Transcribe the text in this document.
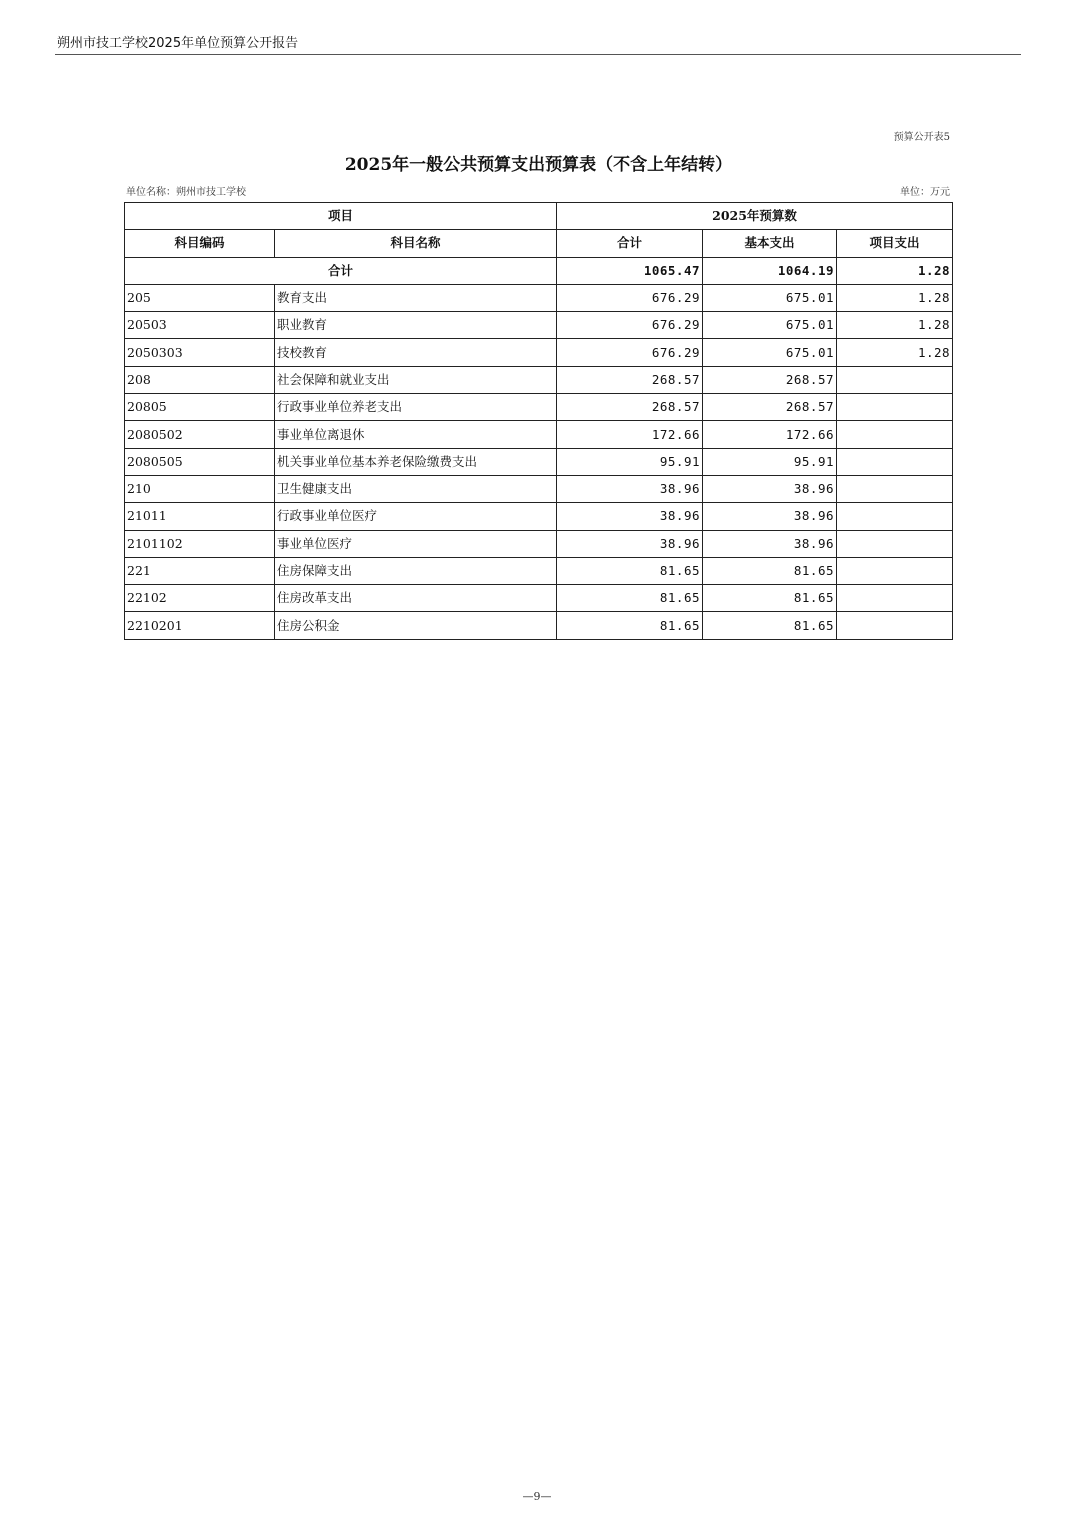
朔州市技工学校2025年单位预算公开报告
预算公开表5
2025年一般公共预算支出预算表（不含上年结转）
单位名称：朔州市技工学校	单位：万元
项目		2025年预算数		
科目编码	科目名称	合计	基本支出	项目支出
合计		1065.47	1064.19	1.28
205	教育支出	676.29	675.01	1.28
20503	职业教育	676.29	675.01	1.28
2050303	技校教育	676.29	675.01	1.28
208	社会保障和就业支出	268.57	268.57	
20805	行政事业单位养老支出	268.57	268.57	
2080502	事业单位离退休	172.66	172.66	
2080505	机关事业单位基本养老保险缴费支出	95.91	95.91	
210	卫生健康支出	38.96	38.96	
21011	行政事业单位医疗	38.96	38.96	
2101102	事业单位医疗	38.96	38.96	
221	住房保障支出	81.65	81.65	
22102	住房改革支出	81.65	81.65	
2210201	住房公积金	81.65	81.65	
—9—
